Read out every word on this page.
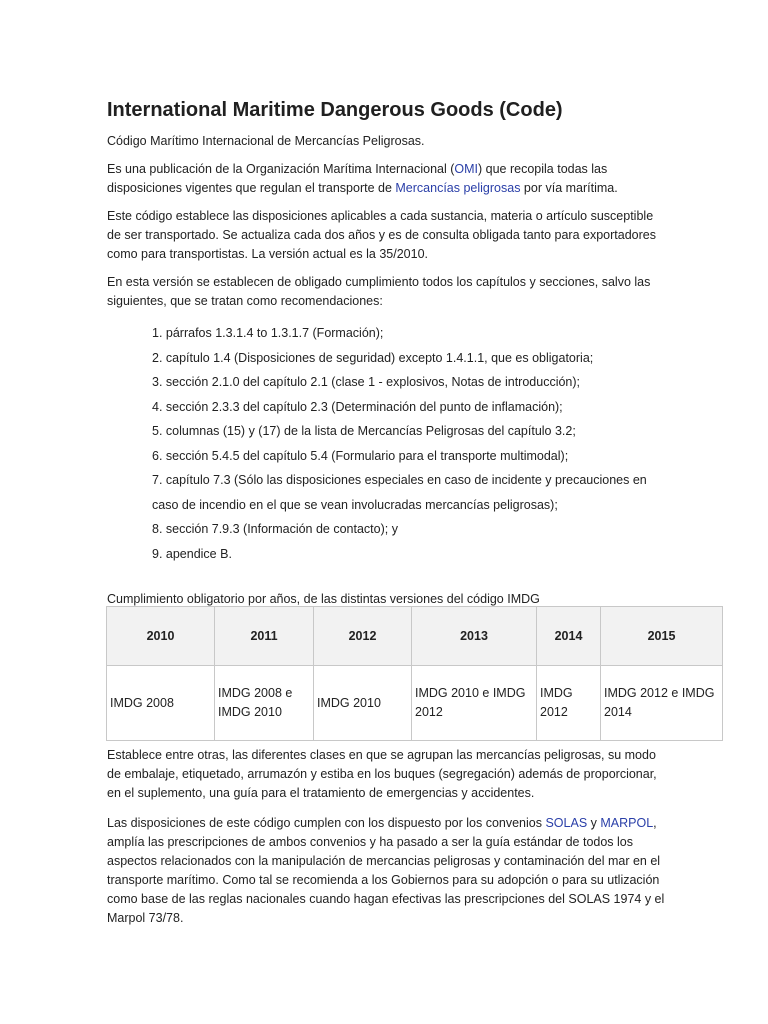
International Maritime Dangerous Goods (Code)

Código Marítimo Internacional de Mercancías Peligrosas.

Es una publicación de la Organización Marítima Internacional (OMI) que recopila todas las disposiciones vigentes que regulan el transporte de Mercancías peligrosas por vía marítima.

Este código establece las disposiciones aplicables a cada sustancia, materia o artículo susceptible de ser transportado. Se actualiza cada dos años y es de consulta obligada tanto para exportadores como para transportistas. La versión actual es la 35/2010.

En esta versión se establecen de obligado cumplimiento todos los capítulos y secciones, salvo las siguientes, que se tratan como recomendaciones:

1. párrafos 1.3.1.4 to 1.3.1.7 (Formación);
2. capítulo 1.4 (Disposiciones de seguridad) excepto 1.4.1.1, que es obligatoria;
3. sección 2.1.0 del capítulo 2.1 (clase 1 - explosivos, Notas de introducción);
4. sección 2.3.3 del capítulo 2.3 (Determinación del punto de inflamación);
5. columnas (15) y (17) de la lista de Mercancías Peligrosas del capítulo 3.2;
6. sección 5.4.5 del capítulo 5.4 (Formulario para el transporte multimodal);
7. capítulo 7.3 (Sólo las disposiciones especiales en caso de incidente y precauciones en caso de incendio en el que se vean involucradas mercancías peligrosas);
8. sección 7.9.3 (Información de contacto); y
9. apendice B.

Cumplimiento obligatorio por años, de las distintas versiones del código IMDG

2010	2011	2012	2013	2014	2015
IMDG 2008	IMDG 2008 e IMDG 2010	IMDG 2010	IMDG 2010 e IMDG 2012	IMDG 2012	IMDG 2012 e IMDG 2014

Establece entre otras, las diferentes clases en que se agrupan las mercancías peligrosas, su modo de embalaje, etiquetado, arrumazón y estiba en los buques (segregación) además de proporcionar, en el suplemento, una guía para el tratamiento de emergencias y accidentes.

Las disposiciones de este código cumplen con los dispuesto por los convenios SOLAS y MARPOL, amplía las prescripciones de ambos convenios y ha pasado a ser la guía estándar de todos los aspectos relacionados con la manipulación de mercancias peligrosas y contaminación del mar en el transporte marítimo. Como tal se recomienda a los Gobiernos para su adopción o para su utlización como base de las reglas nacionales cuando hagan efectivas las prescripciones del SOLAS 1974 y el Marpol 73/78.
